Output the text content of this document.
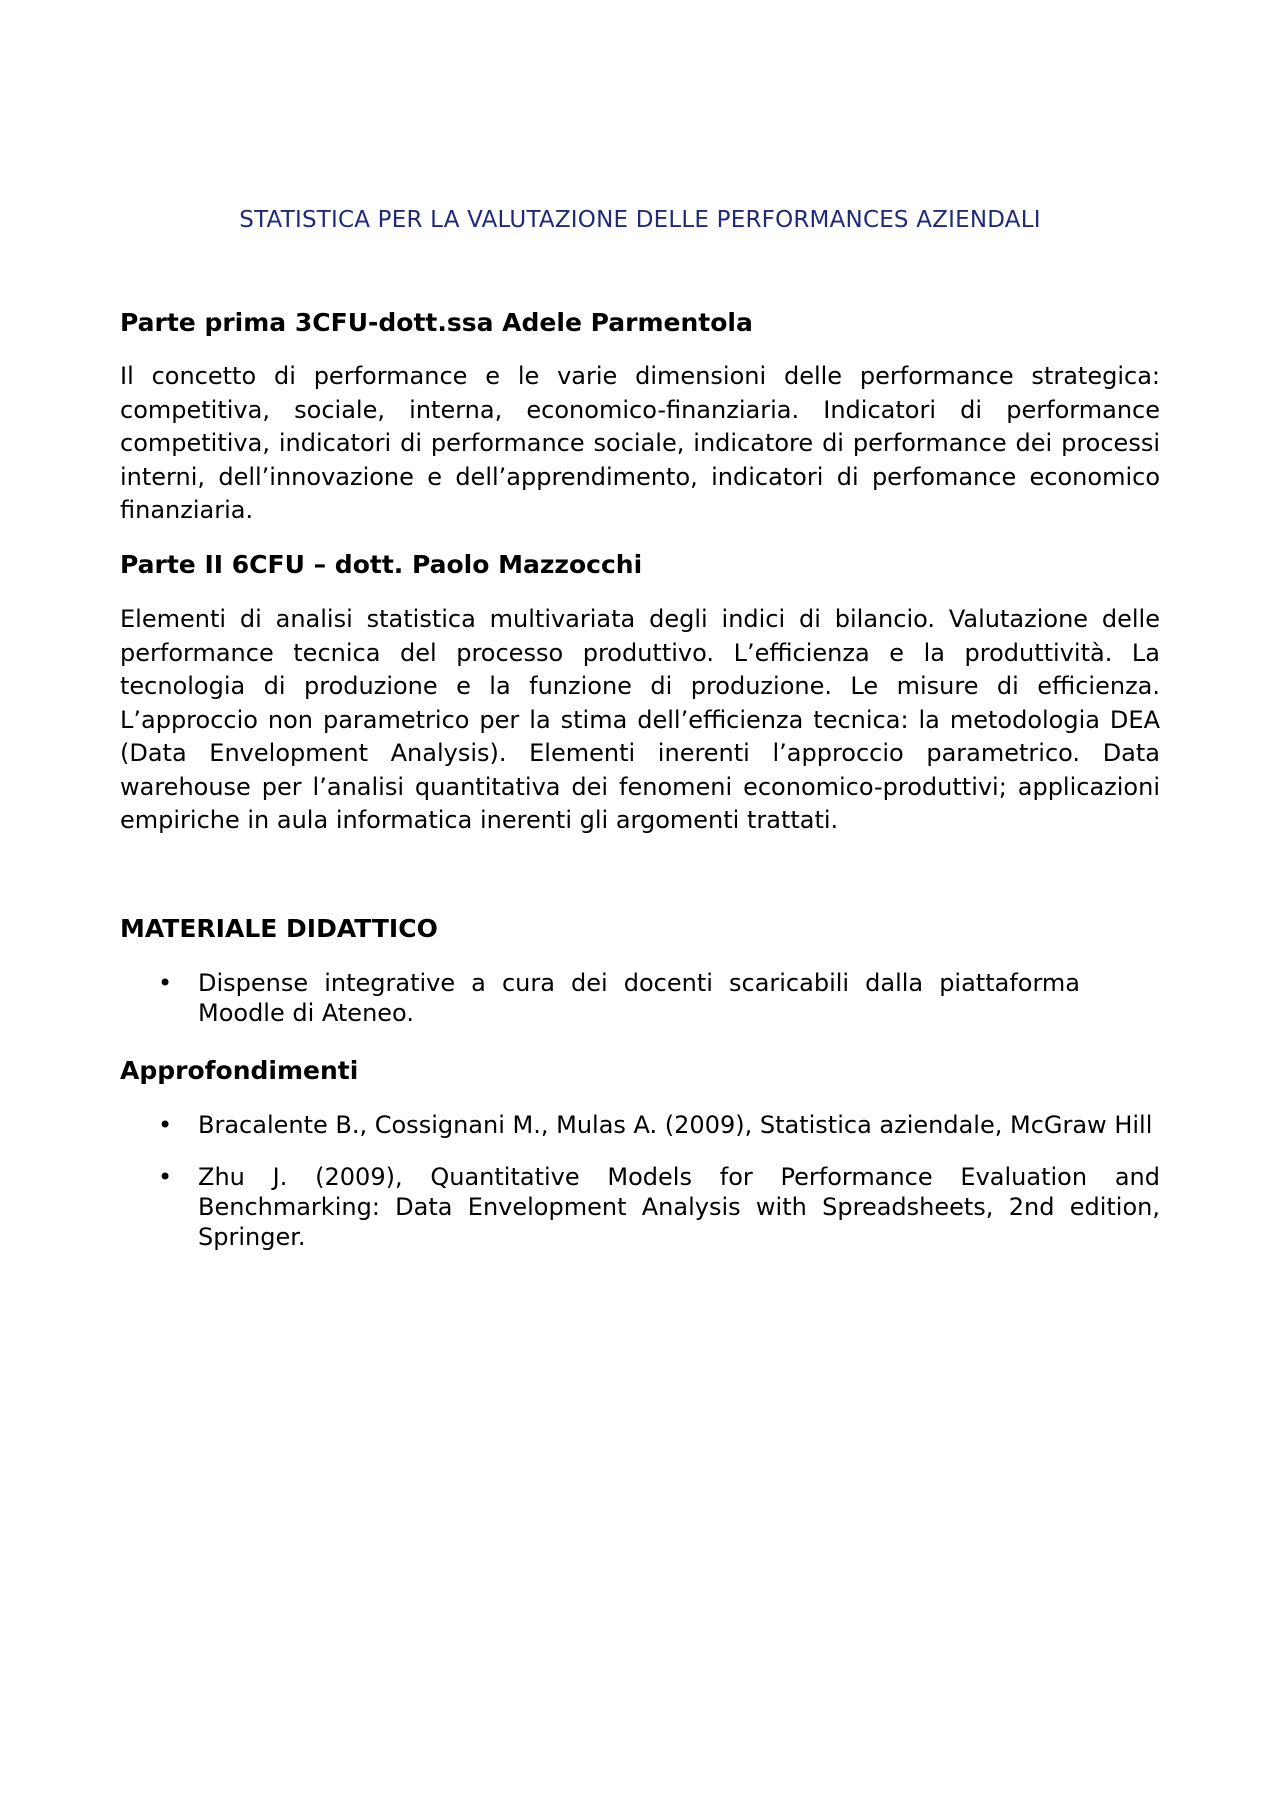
STATISTICA PER LA VALUTAZIONE DELLE PERFORMANCES AZIENDALI
Parte prima 3CFU-dott.ssa Adele Parmentola
Il concetto di performance e le varie dimensioni delle performance strategica: competitiva, sociale, interna, economico-finanziaria. Indicatori di performance competitiva, indicatori di performance sociale, indicatore di performance dei processi interni, dell’innovazione e dell’apprendimento, indicatori di perfomance economico finanziaria.
Parte II 6CFU – dott. Paolo Mazzocchi
Elementi di analisi statistica multivariata degli indici di bilancio. Valutazione delle performance tecnica del processo produttivo. L’efficienza e la produttività. La tecnologia di produzione e la funzione di produzione. Le misure di efficienza. L’approccio non parametrico per la stima dell’efficienza tecnica: la metodologia DEA (Data Envelopment Analysis). Elementi inerenti l’approccio parametrico. Data warehouse per l’analisi quantitativa dei fenomeni economico-produttivi; applicazioni empiriche in aula informatica inerenti gli argomenti trattati.
MATERIALE DIDATTICO
• Dispense integrative a cura dei docenti scaricabili dalla piattaforma Moodle di Ateneo.
Approfondimenti
• Bracalente B., Cossignani M., Mulas A. (2009), Statistica aziendale, McGraw Hill
• Zhu J. (2009), Quantitative Models for Performance Evaluation and Benchmarking: Data Envelopment Analysis with Spreadsheets, 2nd edition, Springer.
